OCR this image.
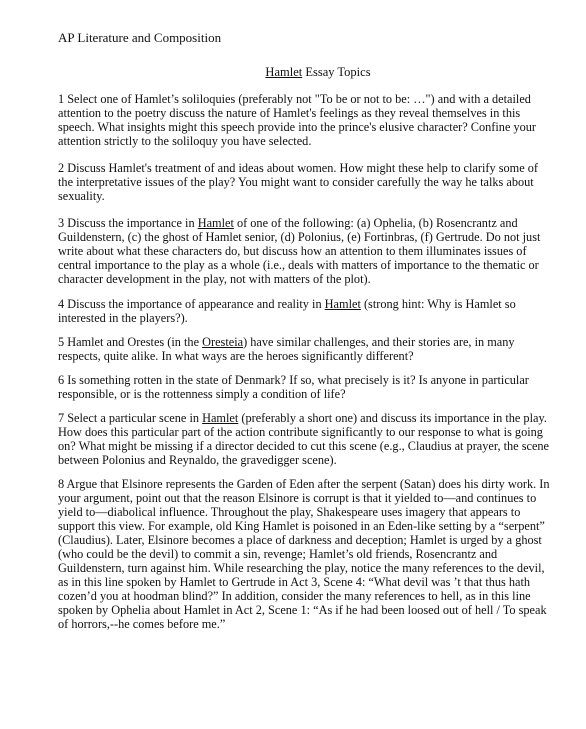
AP Literature and Composition
Hamlet Essay Topics

1 Select one of Hamlet’s soliloquies (preferably not "To be or not to be: …") and with a detailed attention to the poetry discuss the nature of Hamlet's feelings as they reveal themselves in this speech. What insights might this speech provide into the prince's elusive character? Confine your attention strictly to the soliloquy you have selected.

2 Discuss Hamlet's treatment of and ideas about women. How might these help to clarify some of the interpretative issues of the play? You might want to consider carefully the way he talks about sexuality.

3 Discuss the importance in Hamlet of one of the following: (a) Ophelia, (b) Rosencrantz and Guildenstern, (c) the ghost of Hamlet senior, (d) Polonius, (e) Fortinbras, (f) Gertrude. Do not just write about what these characters do, but discuss how an attention to them illuminates issues of central importance to the play as a whole (i.e., deals with matters of importance to the thematic or character development in the play, not with matters of the plot).

4 Discuss the importance of appearance and reality in Hamlet (strong hint: Why is Hamlet so interested in the players?).

5 Hamlet and Orestes (in the Oresteia) have similar challenges, and their stories are, in many respects, quite alike. In what ways are the heroes significantly different?

6 Is something rotten in the state of Denmark? If so, what precisely is it? Is anyone in particular responsible, or is the rottenness simply a condition of life?

7 Select a particular scene in Hamlet (preferably a short one) and discuss its importance in the play. How does this particular part of the action contribute significantly to our response to what is going on? What might be missing if a director decided to cut this scene (e.g., Claudius at prayer, the scene between Polonius and Reynaldo, the gravedigger scene).

8 Argue that Elsinore represents the Garden of Eden after the serpent (Satan) does his dirty work. In your argument, point out that the reason Elsinore is corrupt is that it yielded to—and continues to yield to—diabolical influence. Throughout the play, Shakespeare uses imagery that appears to support this view. For example, old King Hamlet is poisoned in an Eden-like setting by a “serpent” (Claudius). Later, Elsinore becomes a place of darkness and deception; Hamlet is urged by a ghost (who could be the devil) to commit a sin, revenge; Hamlet’s old friends, Rosencrantz and Guildenstern, turn against him. While researching the play, notice the many references to the devil, as in this line spoken by Hamlet to Gertrude in Act 3, Scene 4: “What devil was ’t that thus hath cozen’d you at hoodman blind?” In addition, consider the many references to hell, as in this line spoken by Ophelia about Hamlet in Act 2, Scene 1: “As if he had been loosed out of hell / To speak of horrors,--he comes before me.”
